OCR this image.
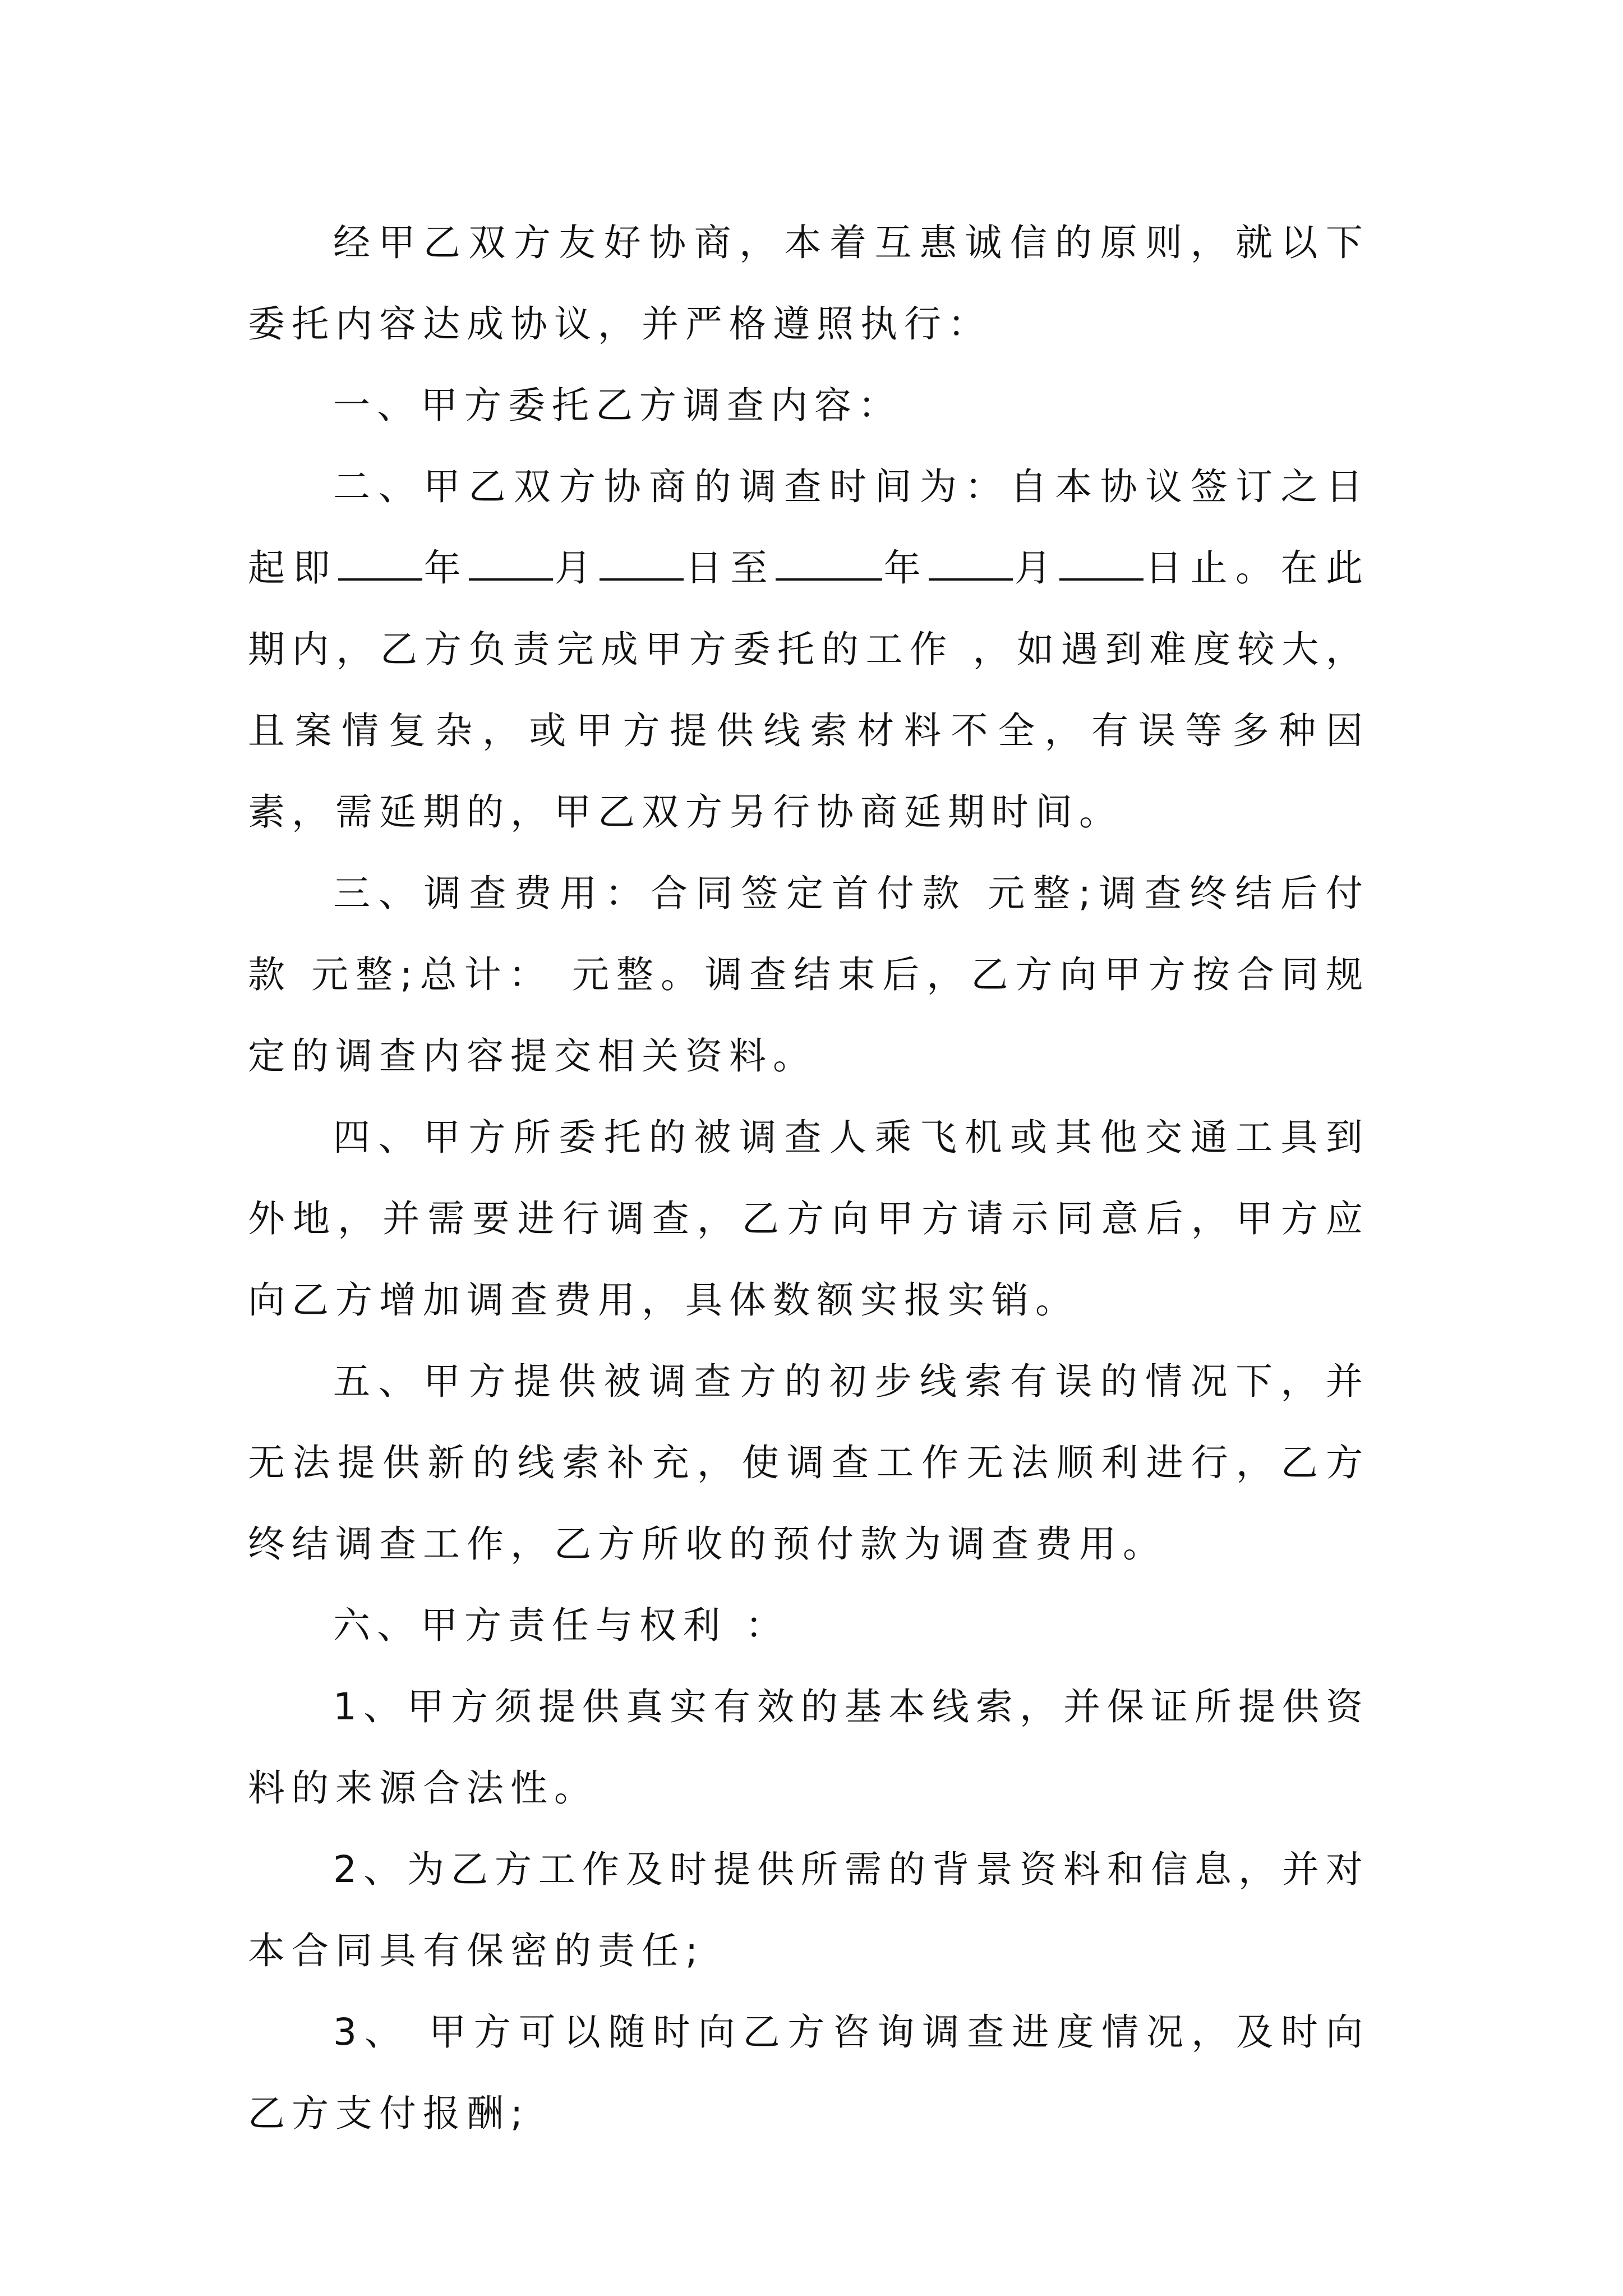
经甲乙双方友好协商，本着互惠诚信的原则，就以下委托内容达成协议，并严格遵照执行：

一、甲方委托乙方调查内容：

二、甲乙双方协商的调查时间为：自本协议签订之日起即 年 月 日至	年 月 日止。在此期内，乙方负责完成甲方委托的工作 ，如遇到难度较大，且案情复杂，或甲方提供线索材料不全，有误等多种因素，需延期的，甲乙双方另行协商延期时间。

三、调查费用：合同签定首付款 元整;调查终结后付款 元整;总计： 元整。调查结束后，乙方向甲方按合同规定的调查内容提交相关资料。

四、甲方所委托的被调查人乘飞机或其他交通工具到外地，并需要进行调查，乙方向甲方请示同意后，甲方应向乙方增加调查费用，具体数额实报实销。

五、甲方提供被调查方的初步线索有误的情况下，并无法提供新的线索补充，使调查工作无法顺利进行，乙方终结调查工作，乙方所收的预付款为调查费用。

六、甲方责任与权利 ：

1、甲方须提供真实有效的基本线索，并保证所提供资料的来源合法性。

2、为乙方工作及时提供所需的背景资料和信息，并对本合同具有保密的责任;

3、 甲方可以随时向乙方咨询调查进度情况，及时向乙方支付报酬;
